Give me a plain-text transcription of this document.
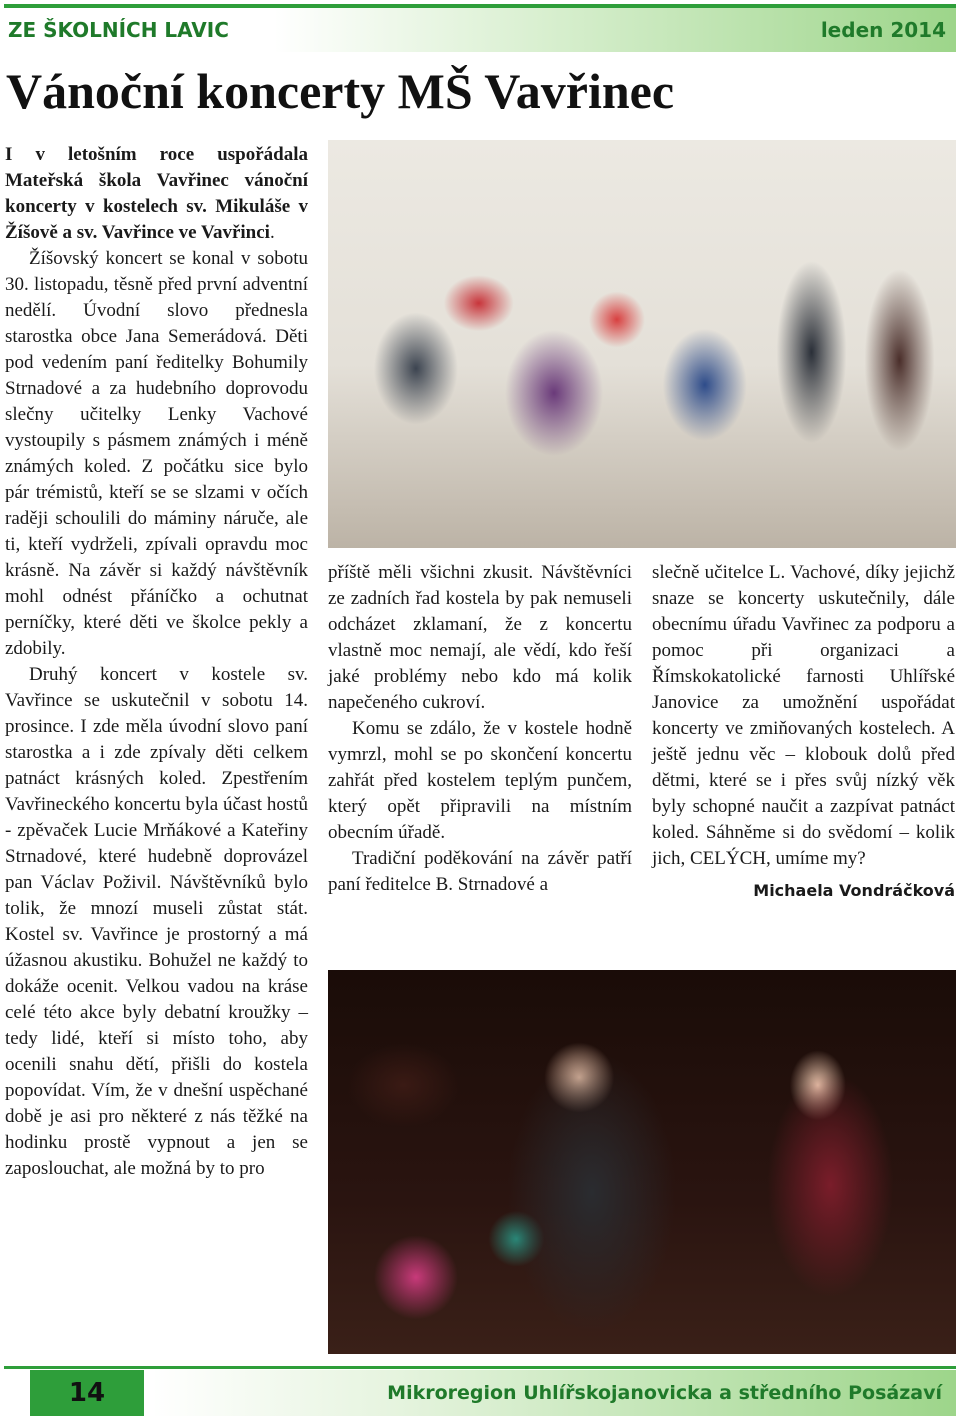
ZE ŠKOLNÍCH LAVIC	leden 2014
Vánoční koncerty MŠ Vavřinec

I v letošním roce uspořádala Mateřská škola Vavřinec vánoční koncerty v kostelech sv. Mikuláše v Žíšově a sv. Vavřince ve Vavřinci.

Žíšovský koncert se konal v sobotu 30. listopadu, těsně před první adventní nedělí. Úvodní slovo přednesla starostka obce Jana Semerádová. Děti pod vedením paní ředitelky Bohumily Strnadové a za hudebního doprovodu slečny učitelky Lenky Vachové vystoupily s pásmem známých i méně známých koled. Z počátku sice bylo pár trémistů, kteří se se slzami v očích raději schoulili do máminy náruče, ale ti, kteří vydrželi, zpívali opravdu moc krásně. Na závěr si každý návštěvník mohl odnést přáníčko a ochutnat perníčky, které děti ve školce pekly a zdobily.

Druhý koncert v kostele sv. Vavřince se uskutečnil v sobotu 14. prosince. I zde měla úvodní slovo paní starostka a i zde zpívaly děti celkem patnáct krásných koled. Zpestřením Vavřineckého koncertu byla účast hostů - zpěvaček Lucie Mrňákové a Kateřiny Strnadové, které hudebně doprovázel pan Václav Poživil. Návštěvníků bylo tolik, že mnozí museli zůstat stát. Kostel sv. Vavřince je prostorný a má úžasnou akustiku. Bohužel ne každý to dokáže ocenit. Velkou vadou na kráse celé této akce byly debatní kroužky – tedy lidé, kteří si místo toho, aby ocenili snahu dětí, přišli do kostela popovídat. Vím, že v dnešní uspěchané době je asi pro některé z nás těžké na hodinku prostě vypnout a jen se zaposlouchat, ale možná by to pro

příště měli všichni zkusit. Návštěvníci ze zadních řad kostela by pak nemuseli odcházet zklamaní, že z koncertu vlastně moc nemají, ale vědí, kdo řeší jaké problémy nebo kdo má kolik napečeného cukroví.

Komu se zdálo, že v kostele hodně vymrzl, mohl se po skončení koncertu zahřát před kostelem teplým punčem, který opět připravili na místním obecním úřadě.

Tradiční poděkování na závěr patří paní ředitelce B. Strnadové a

slečně učitelce L. Vachové, díky jejichž snaze se koncerty uskutečnily, dále obecnímu úřadu Vavřinec za podporu a pomoc při organizaci a Římskokatolické farnosti Uhlířské Janovice za umožnění uspořádat koncerty ve zmiňovaných kostelech. A ještě jednu věc – klobouk dolů před dětmi, které se i přes svůj nízký věk byly schopné naučit a zazpívat patnáct koled. Sáhněme si do svědomí – kolik jich, CELÝCH, umíme my?

Michaela Vondráčková

14	Mikroregion Uhlířskojanovicka a středního Posázaví
